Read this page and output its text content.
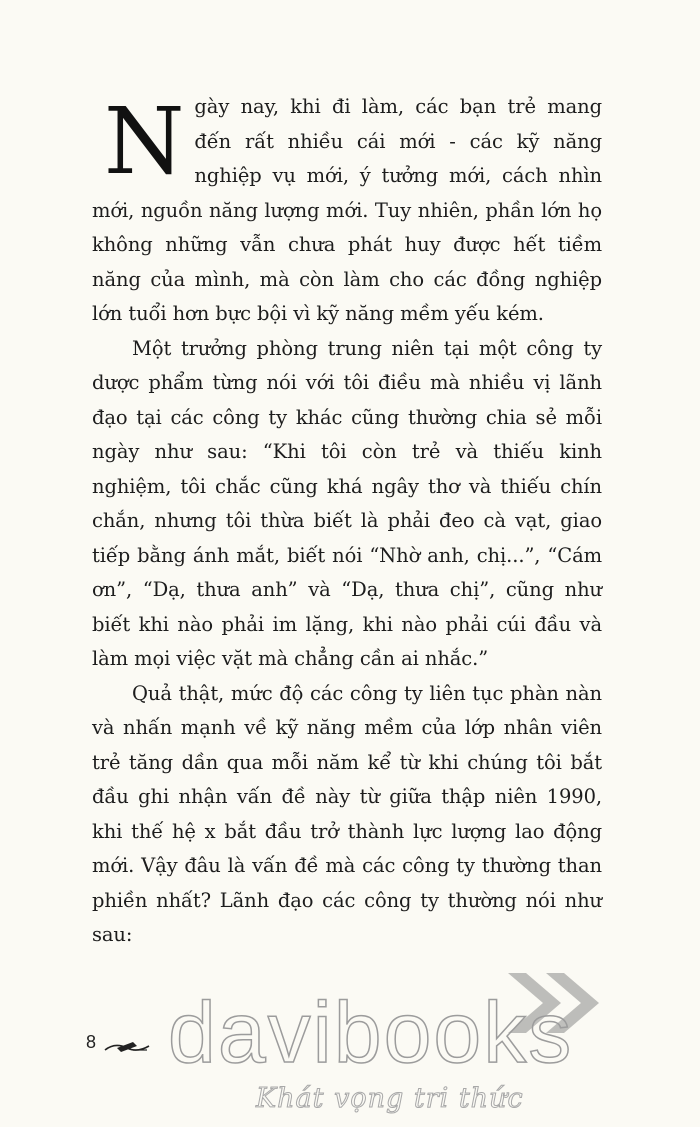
N gày nay, khi đi làm, các bạn trẻ mang đến rất nhiều cái mới - các kỹ năng nghiệp vụ mới, ý tưởng mới, cách nhìn mới, nguồn năng lượng mới. Tuy nhiên, phần lớn họ không những vẫn chưa phát huy được hết tiềm năng của mình, mà còn làm cho các đồng nghiệp lớn tuổi hơn bực bội vì kỹ năng mềm yếu kém.

Một trưởng phòng trung niên tại một công ty dược phẩm từng nói với tôi điều mà nhiều vị lãnh đạo tại các công ty khác cũng thường chia sẻ mỗi ngày như sau: “Khi tôi còn trẻ và thiếu kinh nghiệm, tôi chắc cũng khá ngây thơ và thiếu chín chắn, nhưng tôi thừa biết là phải đeo cà vạt, giao tiếp bằng ánh mắt, biết nói “Nhờ anh, chị...”, “Cám ơn”, “Dạ, thưa anh” và “Dạ, thưa chị”, cũng như biết khi nào phải im lặng, khi nào phải cúi đầu và làm mọi việc vặt mà chẳng cần ai nhắc.”

Quả thật, mức độ các công ty liên tục phàn nàn và nhấn mạnh về kỹ năng mềm của lớp nhân viên trẻ tăng dần qua mỗi năm kể từ khi chúng tôi bắt đầu ghi nhận vấn đề này từ giữa thập niên 1990, khi thế hệ x bắt đầu trở thành lực lượng lao động mới. Vậy đâu là vấn đề mà các công ty thường than phiền nhất? Lãnh đạo các công ty thường nói như sau:

8 davibooks
Khát vọng tri thức
